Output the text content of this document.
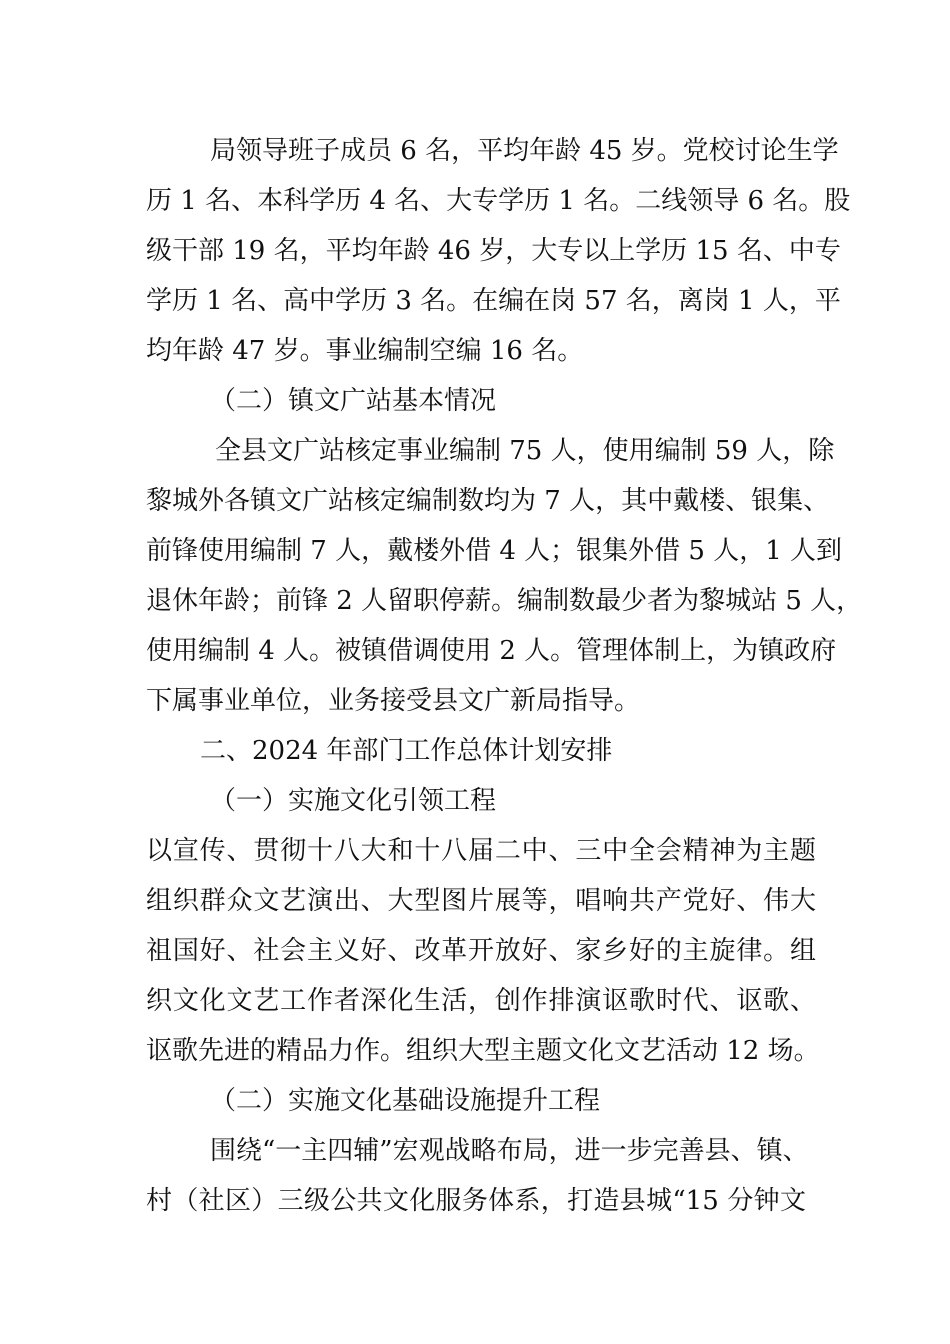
局领导班子成员 6 名，平均年龄 45 岁。党校讨论生学
历 1 名、本科学历 4 名、大专学历 1 名。二线领导 6 名。股
级干部 19 名，平均年龄 46 岁，大专以上学历 15 名、中专
学历 1 名、高中学历 3 名。在编在岗 57 名，离岗 1 人，平
均年龄 47 岁。事业编制空编 16 名。
（二）镇文广站基本情况
全县文广站核定事业编制 75 人，使用编制 59 人，除
黎城外各镇文广站核定编制数均为 7 人，其中戴楼、银集、
前锋使用编制 7 人，戴楼外借 4 人；银集外借 5 人，1 人到
退休年龄；前锋 2 人留职停薪。编制数最少者为黎城站 5 人，
使用编制 4 人。被镇借调使用 2 人。管理体制上，为镇政府
下属事业单位，业务接受县文广新局指导。
二、2024 年部门工作总体计划安排
（一）实施文化引领工程
以宣传、贯彻十八大和十八届二中、三中全会精神为主题
组织群众文艺演出、大型图片展等，唱响共产党好、伟大
祖国好、社会主义好、改革开放好、家乡好的主旋律。组
织文化文艺工作者深化生活，创作排演讴歌时代、讴歌、
讴歌先进的精品力作。组织大型主题文化文艺活动 12 场。
（二）实施文化基础设施提升工程
围绕“一主四辅”宏观战略布局，进一步完善县、镇、
村（社区）三级公共文化服务体系，打造县城“15 分钟文
